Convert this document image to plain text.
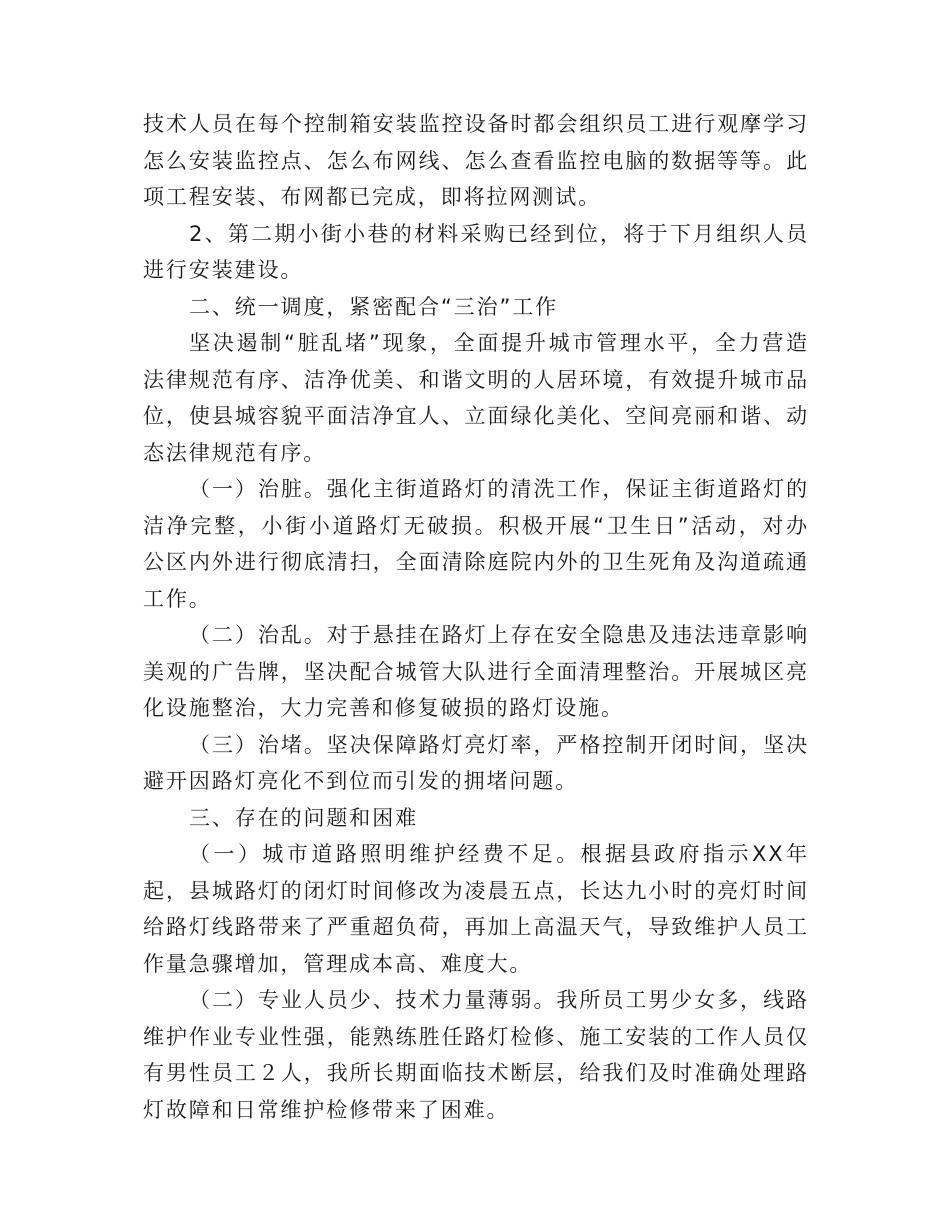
技术人员在每个控制箱安装监控设备时都会组织员工进行观摩学习怎么安装监控点、怎么布网线、怎么查看监控电脑的数据等等。此项工程安装、布网都已完成，即将拉网测试。

2、第二期小街小巷的材料采购已经到位，将于下月组织人员进行安装建设。

二、统一调度，紧密配合“三治”工作

坚决遏制“脏乱堵”现象，全面提升城市管理水平，全力营造法律规范有序、洁净优美、和谐文明的人居环境，有效提升城市品位，使县城容貌平面洁净宜人、立面绿化美化、空间亮丽和谐、动态法律规范有序。

（一）治脏。强化主街道路灯的清洗工作，保证主街道路灯的洁净完整，小街小道路灯无破损。积极开展“卫生日”活动，对办公区内外进行彻底清扫，全面清除庭院内外的卫生死角及沟道疏通工作。

（二）治乱。对于悬挂在路灯上存在安全隐患及违法违章影响美观的广告牌，坚决配合城管大队进行全面清理整治。开展城区亮化设施整治，大力完善和修复破损的路灯设施。

（三）治堵。坚决保障路灯亮灯率，严格控制开闭时间，坚决避开因路灯亮化不到位而引发的拥堵问题。

三、存在的问题和困难

（一）城市道路照明维护经费不足。根据县政府指示XX年起，县城路灯的闭灯时间修改为凌晨五点，长达九小时的亮灯时间给路灯线路带来了严重超负荷，再加上高温天气，导致维护人员工作量急骤增加，管理成本高、难度大。

（二）专业人员少、技术力量薄弱。我所员工男少女多，线路维护作业专业性强，能熟练胜任路灯检修、施工安装的工作人员仅有男性员工２人，我所长期面临技术断层，给我们及时准确处理路灯故障和日常维护检修带来了困难。
